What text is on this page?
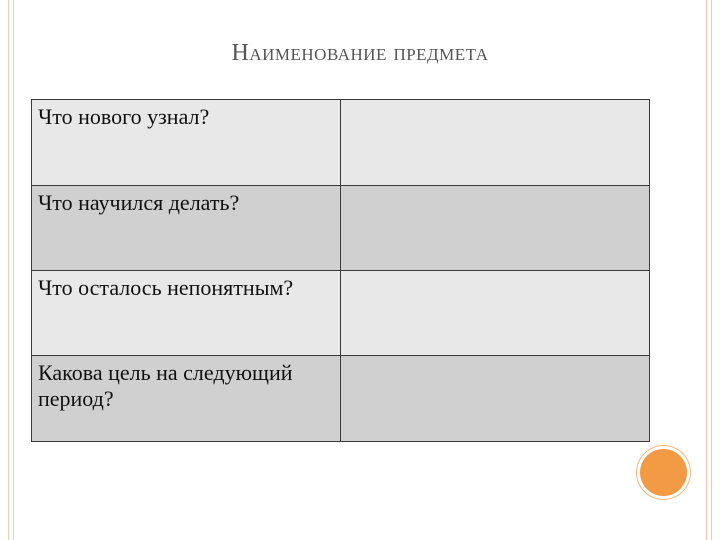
Наименование предмета
Что нового узнал?	
Что научился делать?	
Что осталось непонятным?	
Какова цель на следующий период?	
